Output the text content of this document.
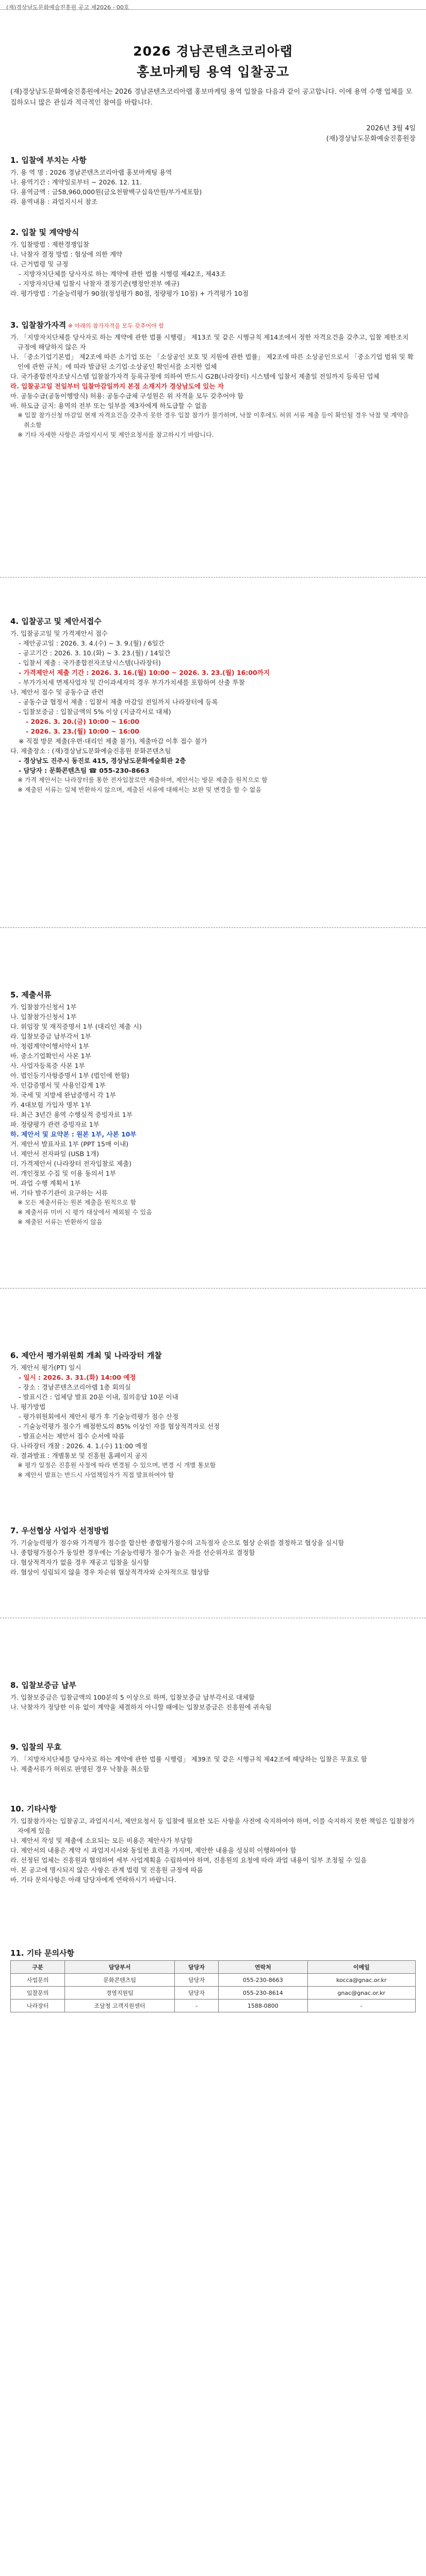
(재)경상남도문화예술진흥원 공고 제2026 - 00호
2026 경남콘텐츠코리아랩
홍보마케팅 용역 입찰공고
(재)경상남도문화예술진흥원에서는 2026 경남콘텐츠코리아랩 홍보마케팅 용역 입찰을 다음과 같이 공고합니다. 이에 용역 수행 업체를 모집하오니 많은 관심과 적극적인 참여를 바랍니다.
2026년 3월 4일
(재)경상남도문화예술진흥원장
1. 입찰에 부치는 사항
가. 용 역 명 : 2026 경남콘텐츠코리아랩 홍보마케팅 용역
나. 용역기간 : 계약일로부터 ~ 2026. 12. 11.
다. 용역금액 : 금58,960,000원(금오천팔백구십육만원/부가세포함)
라. 용역내용 : 과업지시서 참조
2. 입찰 및 계약방식
가. 입찰방법 : 제한경쟁입찰
나. 낙찰자 결정 방법 : 협상에 의한 계약
다. 근거법령 및 규정
- 지방자치단체를 당사자로 하는 계약에 관한 법률 시행령 제42조, 제43조
- 지방자치단체 입찰시 낙찰자 결정기준(행정안전부 예규)
라. 평가방법 : 기술능력평가 90점(정성평가 80점, 정량평가 10점) + 가격평가 10점
3. 입찰참가자격 ※ 아래의 참가자격을 모두 갖추어야 함
가. 「지방자치단체를 당사자로 하는 계약에 관한 법률 시행령」 제13조 및 같은 시행규칙 제14조에서 정한 자격요건을 갖추고, 입찰 제한조치 규정에 해당하지 않은 자
나. 「중소기업기본법」 제2조에 따른 소기업 또는 「소상공인 보호 및 지원에 관한 법률」 제2조에 따른 소상공인으로서 「중소기업 범위 및 확인에 관한 규칙」에 따라 발급된 소기업·소상공인 확인서를 소지한 업체
다. 국가종합전자조달시스템 입찰참가자격 등록규정에 의하여 반드시 G2B(나라장터) 시스템에 입찰서 제출일 전일까지 등록된 업체
라. 입찰공고일 전일부터 입찰마감일까지 본점 소재지가 경상남도에 있는 자
마. 공동수급(공동이행방식) 허용: 공동수급체 구성원은 위 자격을 모두 갖추어야 함
바. 하도급 금지: 용역의 전부 또는 일부를 제3자에게 하도급할 수 없음
※ 입찰 참가신청 마감일 현재 자격요건을 갖추지 못한 경우 입찰 참가가 불가하며, 낙찰 이후에도 허위 서류 제출 등이 확인될 경우 낙찰 및 계약을 취소함
※ 기타 자세한 사항은 과업지시서 및 제안요청서를 참고하시기 바랍니다.
4. 입찰공고 및 제안서접수
가. 입찰공고일 및 가격제안서 접수
- 제안공고일 : 2026. 3. 4.(수) ~ 3. 9.(월) / 6일간
- 공고기간 : 2026. 3. 10.(화) ~ 3. 23.(월) / 14일간
- 입찰서 제출 : 국가종합전자조달시스템(나라장터)
- 가격제안서 제출 기간 : 2026. 3. 16.(월) 10:00 ~ 2026. 3. 23.(월) 16:00까지
- 부가가치세 면제사업자 및 간이과세자의 경우 부가가치세를 포함하여 산출 투찰
나. 제안서 접수 및 공동수급 관련
- 공동수급 협정서 제출 : 입찰서 제출 마감일 전일까지 나라장터에 등록
- 입찰보증금 : 입찰금액의 5% 이상 (지급각서로 대체)
- 2026. 3. 20.(금) 10:00 ~ 16:00
- 2026. 3. 23.(월) 10:00 ~ 16:00
※ 직접 방문 제출(우편·대리인 제출 불가), 제출마감 이후 접수 불가
다. 제출장소 : (재)경상남도문화예술진흥원 문화콘텐츠팀
- 경상남도 진주시 동진로 415, 경상남도문화예술회관 2층
- 담당자 : 문화콘텐츠팀 ☎ 055-230-8663
※ 가격 제안서는 나라장터를 통한 전자입찰로만 제출하며, 제안서는 방문 제출을 원칙으로 함
※ 제출된 서류는 일체 반환하지 않으며, 제출된 서류에 대해서는 보완 및 변경을 할 수 없음
5. 제출서류
가. 입찰참가신청서 1부
나. 입찰참가신청서 1부
다. 위임장 및 재직증명서 1부 (대리인 제출 시)
라. 입찰보증금 납부각서 1부
마. 청렴계약이행서약서 1부
바. 중소기업확인서 사본 1부
사. 사업자등록증 사본 1부
아. 법인등기사항증명서 1부 (법인에 한함)
자. 인감증명서 및 사용인감계 1부
차. 국세 및 지방세 완납증명서 각 1부
카. 4대보험 가입자 명부 1부
타. 최근 3년간 용역 수행실적 증빙자료 1부
파. 정량평가 관련 증빙자료 1부
하. 제안서 및 요약본 : 원본 1부, 사본 10부
거. 제안서 발표자료 1부 (PPT 15매 이내)
너. 제안서 전자파일 (USB 1개)
더. 가격제안서 (나라장터 전자입찰로 제출)
러. 개인정보 수집 및 이용 동의서 1부
머. 과업 수행 계획서 1부
버. 기타 발주기관이 요구하는 서류
※ 모든 제출서류는 원본 제출을 원칙으로 함
※ 제출서류 미비 시 평가 대상에서 제외될 수 있음
※ 제출된 서류는 반환하지 않음
6. 제안서 평가위원회 개최 및 나라장터 개찰
가. 제안서 평가(PT) 일시
- 일시 : 2026. 3. 31.(화) 14:00 예정
- 장소 : 경남콘텐츠코리아랩 1층 회의실
- 발표시간 : 업체당 발표 20분 이내, 질의응답 10분 이내
나. 평가방법
- 평가위원회에서 제안서 평가 후 기술능력평가 점수 산정
- 기술능력평가 점수가 배점한도의 85% 이상인 자를 협상적격자로 선정
- 발표순서는 제안서 접수 순서에 따름
다. 나라장터 개찰 : 2026. 4. 1.(수) 11:00 예정
라. 결과발표 : 개별통보 및 진흥원 홈페이지 공지
※ 평가 일정은 진흥원 사정에 따라 변경될 수 있으며, 변경 시 개별 통보함
※ 제안서 발표는 반드시 사업책임자가 직접 발표하여야 함
7. 우선협상 사업자 선정방법
가. 기술능력평가 점수와 가격평가 점수를 합산한 종합평가점수의 고득점자 순으로 협상 순위를 결정하고 협상을 실시함
나. 종합평가점수가 동일한 경우에는 기술능력평가 점수가 높은 자를 선순위자로 결정함
다. 협상적격자가 없을 경우 재공고 입찰을 실시함
라. 협상이 성립되지 않을 경우 차순위 협상적격자와 순차적으로 협상함
8. 입찰보증금 납부
가. 입찰보증금은 입찰금액의 100분의 5 이상으로 하며, 입찰보증금 납부각서로 대체함
나. 낙찰자가 정당한 이유 없이 계약을 체결하지 아니할 때에는 입찰보증금은 진흥원에 귀속됨
9. 입찰의 무효
가. 「지방자치단체를 당사자로 하는 계약에 관한 법률 시행령」 제39조 및 같은 시행규칙 제42조에 해당하는 입찰은 무효로 함
나. 제출서류가 허위로 판명된 경우 낙찰을 취소함
10. 기타사항
가. 입찰참가자는 입찰공고, 과업지시서, 제안요청서 등 입찰에 필요한 모든 사항을 사전에 숙지하여야 하며, 이를 숙지하지 못한 책임은 입찰참가자에게 있음
나. 제안서 작성 및 제출에 소요되는 모든 비용은 제안사가 부담함
다. 제안서의 내용은 계약 시 과업지시서와 동일한 효력을 가지며, 제안한 내용을 성실히 이행하여야 함
라. 선정된 업체는 진흥원과 협의하여 세부 사업계획을 수립하여야 하며, 진흥원의 요청에 따라 과업 내용이 일부 조정될 수 있음
마. 본 공고에 명시되지 않은 사항은 관계 법령 및 진흥원 규정에 따름
바. 기타 문의사항은 아래 담당자에게 연락하시기 바랍니다.
11. 기타 문의사항
구분	담당부서	담당자	연락처	이메일
사업문의	문화콘텐츠팀	담당자	055-230-8663	kocca@gnac.or.kr
입찰문의	경영지원팀	담당자	055-230-8614	gnac@gnac.or.kr
나라장터	조달청 고객지원센터	-	1588-0800	-
